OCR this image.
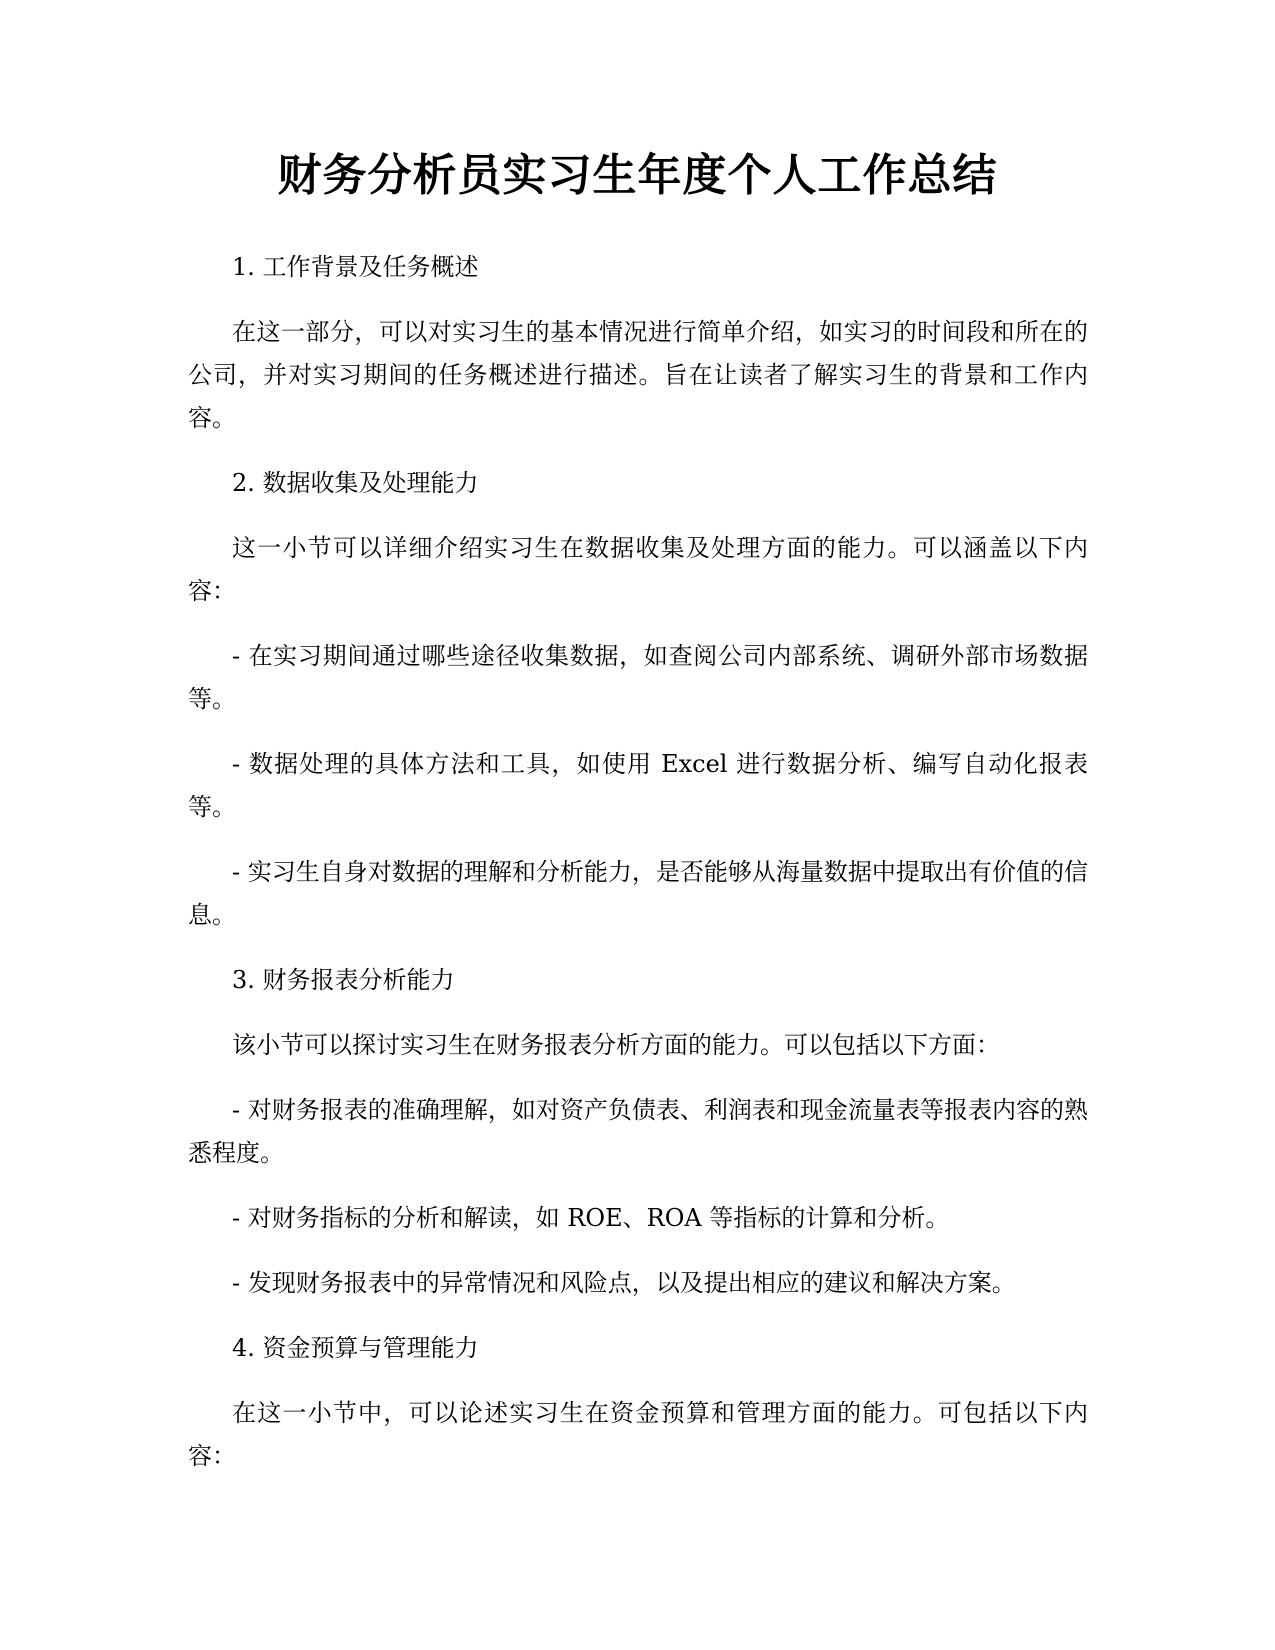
财务分析员实习生年度个人工作总结

1. 工作背景及任务概述

在这一部分，可以对实习生的基本情况进行简单介绍，如实习的时间段和所在的公司，并对实习期间的任务概述进行描述。旨在让读者了解实习生的背景和工作内容。

2. 数据收集及处理能力

这一小节可以详细介绍实习生在数据收集及处理方面的能力。可以涵盖以下内容：

- 在实习期间通过哪些途径收集数据，如查阅公司内部系统、调研外部市场数据等。

- 数据处理的具体方法和工具，如使用 Excel 进行数据分析、编写自动化报表等。

- 实习生自身对数据的理解和分析能力，是否能够从海量数据中提取出有价值的信息。

3. 财务报表分析能力

该小节可以探讨实习生在财务报表分析方面的能力。可以包括以下方面：

- 对财务报表的准确理解，如对资产负债表、利润表和现金流量表等报表内容的熟悉程度。

- 对财务指标的分析和解读，如 ROE、ROA 等指标的计算和分析。

- 发现财务报表中的异常情况和风险点，以及提出相应的建议和解决方案。

4. 资金预算与管理能力

在这一小节中，可以论述实习生在资金预算和管理方面的能力。可包括以下内容：
